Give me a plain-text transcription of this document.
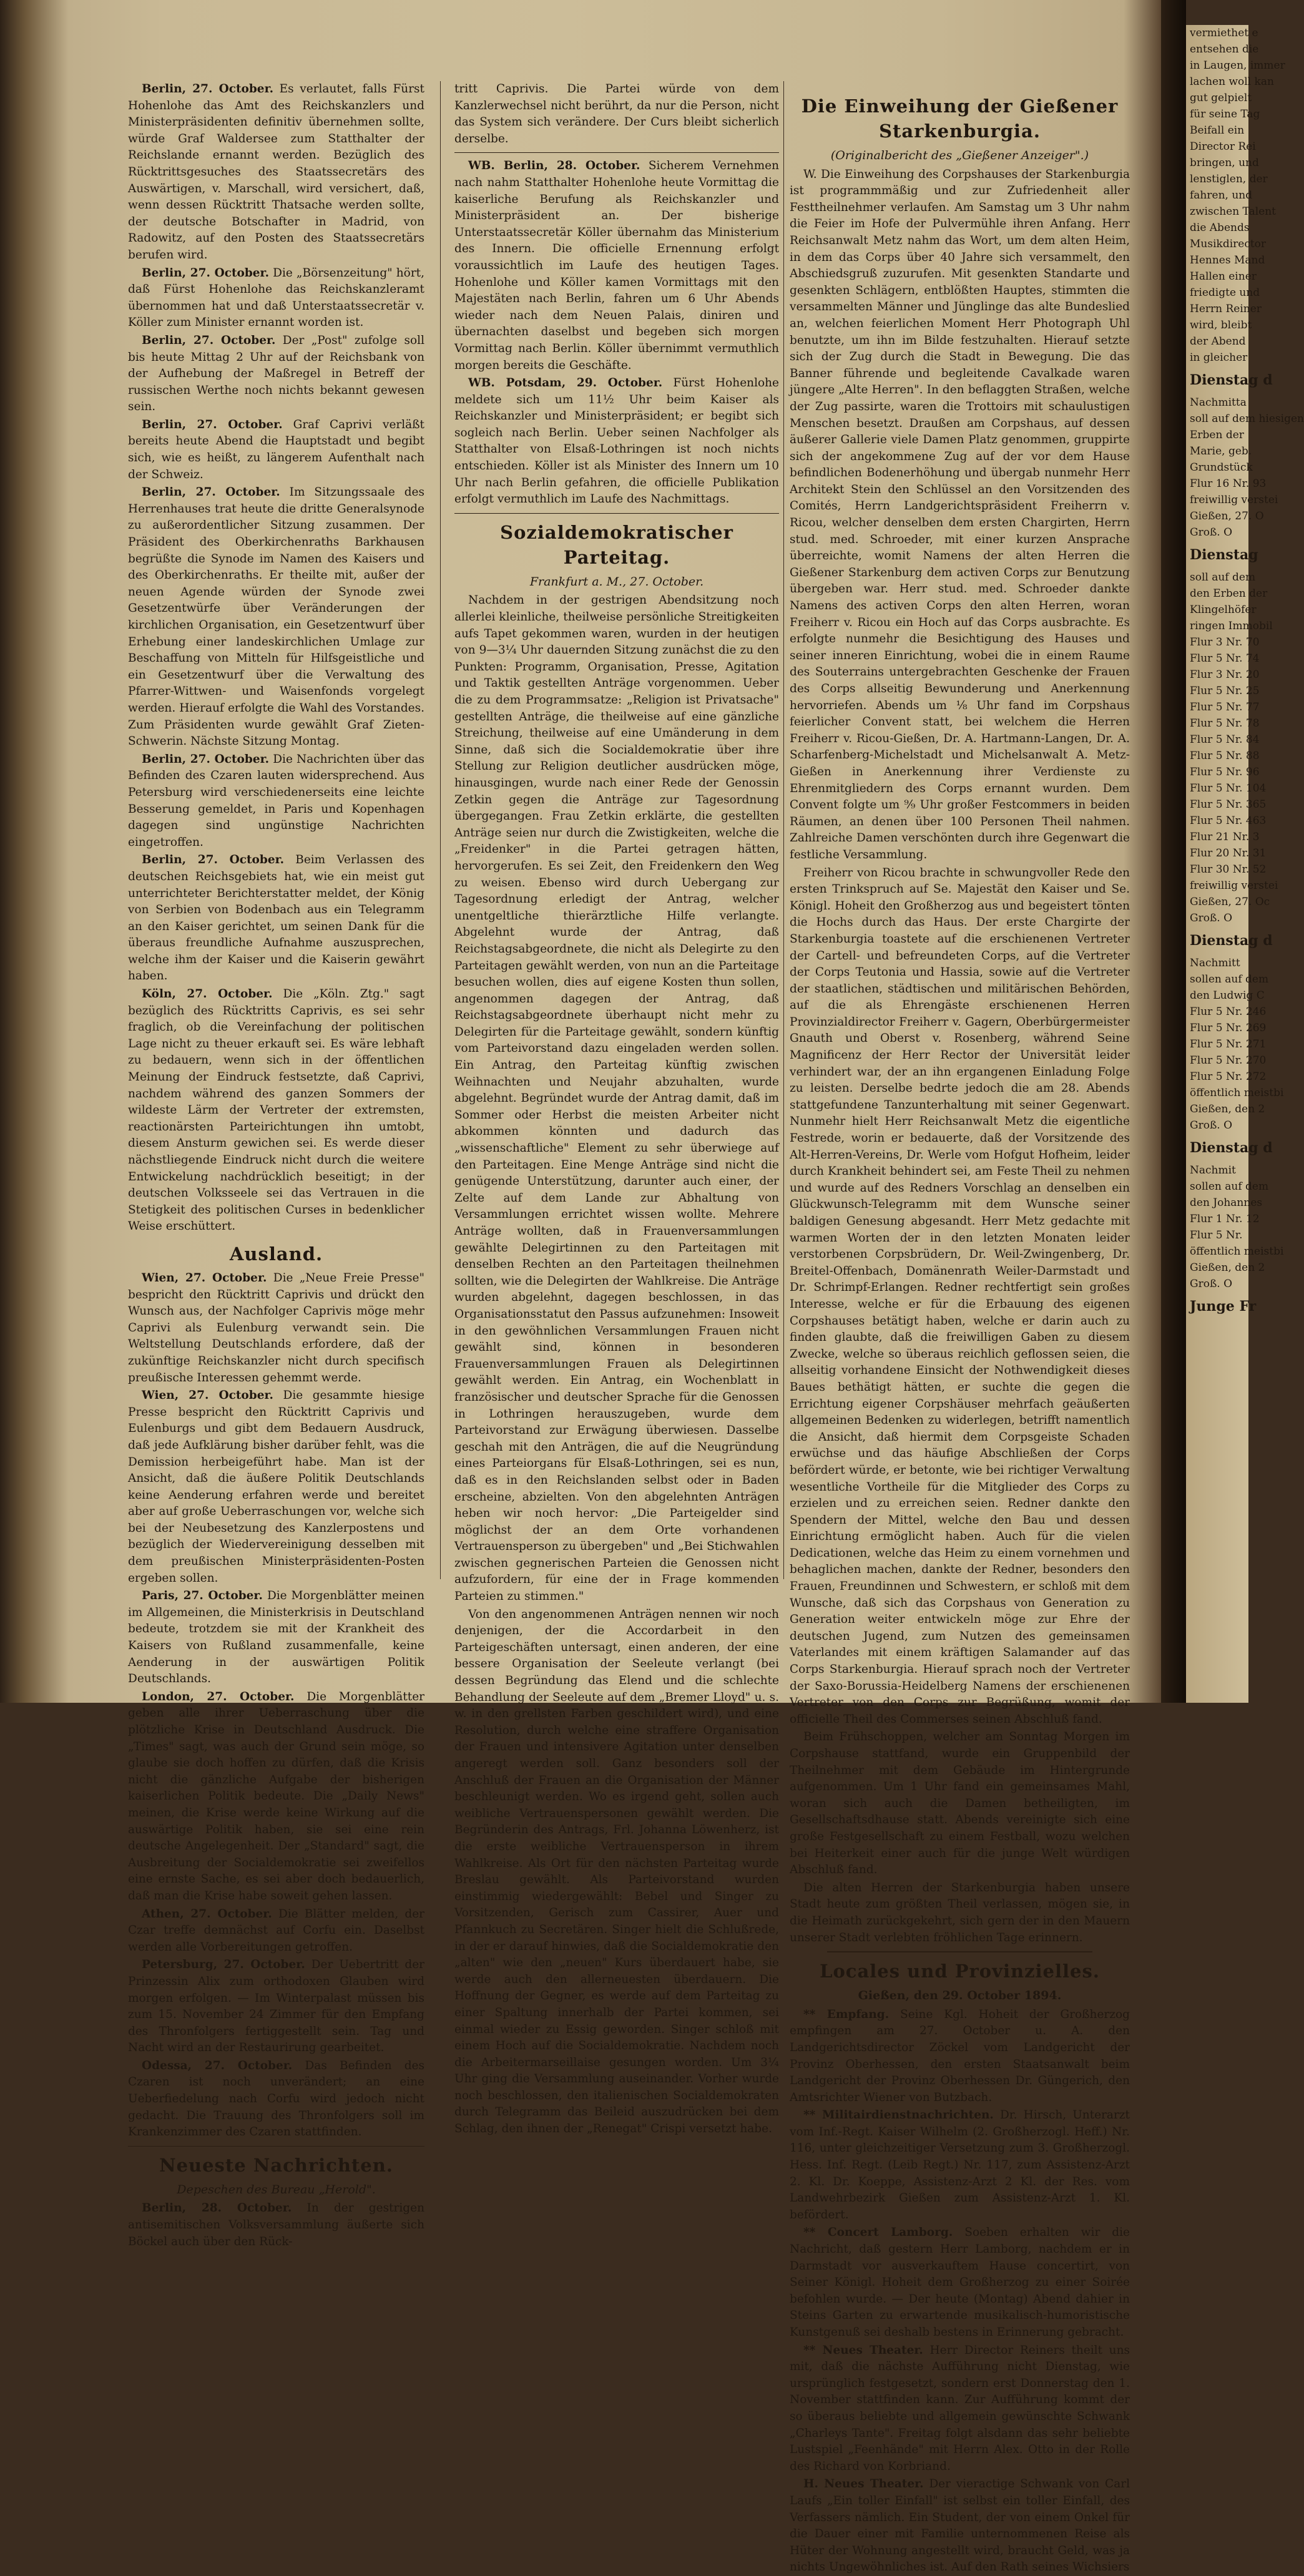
Berlin, 27. October. Es verlautet, falls Fürst Hohenlohe das Amt des Reichskanzlers und Ministerpräsidenten definitiv übernehmen sollte, würde Graf Waldersee zum Statthalter der Reichslande ernannt werden. Bezüglich des Rücktrittsgesuches des Staatssecretärs des Auswärtigen, v. Marschall, wird versichert, daß, wenn dessen Rücktritt Thatsache werden sollte, der deutsche Botschafter in Madrid, von Radowitz, auf den Posten des Staatssecretärs berufen wird.

Berlin, 27. October. Die „Börsenzeitung" hört, daß Fürst Hohenlohe das Reichskanzleramt übernommen hat und daß Unterstaatssecretär v. Köller zum Minister ernannt worden ist.

Berlin, 27. October. Der „Post" zufolge soll bis heute Mittag 2 Uhr auf der Reichsbank von der Aufhebung der Maßregel in Betreff der russischen Werthe noch nichts bekannt gewesen sein.

Berlin, 27. October. Graf Caprivi verläßt bereits heute Abend die Hauptstadt und begibt sich, wie es heißt, zu längerem Aufenthalt nach der Schweiz.

Berlin, 27. October. Im Sitzungssaale des Herrenhauses trat heute die dritte Generalsynode zu außerordentlicher Sitzung zusammen. Der Präsident des Oberkirchenraths Barkhausen begrüßte die Synode im Namen des Kaisers und des Oberkirchenraths. Er theilte mit, außer der neuen Agende würden der Synode zwei Gesetzentwürfe über Veränderungen der kirchlichen Organisation, ein Gesetzentwurf über Erhebung einer landeskirchlichen Umlage zur Beschaffung von Mitteln für Hilfsgeistliche und ein Gesetzentwurf über die Verwaltung des Pfarrer-Wittwen- und Waisenfonds vorgelegt werden. Hierauf erfolgte die Wahl des Vorstandes. Zum Präsidenten wurde gewählt Graf Zieten-Schwerin. Nächste Sitzung Montag.

Berlin, 27. October. Die Nachrichten über das Befinden des Czaren lauten widersprechend. Aus Petersburg wird verschiedenerseits eine leichte Besserung gemeldet, in Paris und Kopenhagen dagegen sind ungünstige Nachrichten eingetroffen.

Berlin, 27. October. Beim Verlassen des deutschen Reichsgebiets hat, wie ein meist gut unterrichteter Berichterstatter meldet, der König von Serbien von Bodenbach aus ein Telegramm an den Kaiser gerichtet, um seinen Dank für die überaus freundliche Aufnahme auszusprechen, welche ihm der Kaiser und die Kaiserin gewährt haben.

Köln, 27. October. Die „Köln. Ztg." sagt bezüglich des Rücktritts Caprivis, es sei sehr fraglich, ob die Vereinfachung der politischen Lage nicht zu theuer erkauft sei. Es wäre lebhaft zu bedauern, wenn sich in der öffentlichen Meinung der Eindruck festsetzte, daß Caprivi, nachdem während des ganzen Sommers der wildeste Lärm der Vertreter der extremsten, reactionärsten Parteirichtungen ihn umtobt, diesem Ansturm gewichen sei. Es werde dieser nächstliegende Eindruck nicht durch die weitere Entwickelung nachdrücklich beseitigt; in der deutschen Volksseele sei das Vertrauen in die Stetigkeit des politischen Curses in bedenklicher Weise erschüttert.

Ausland.

Wien, 27. October. Die „Neue Freie Presse" bespricht den Rücktritt Caprivis und drückt den Wunsch aus, der Nachfolger Caprivis möge mehr Caprivi als Eulenburg verwandt sein. Die Weltstellung Deutschlands erfordere, daß der zukünftige Reichskanzler nicht durch specifisch preußische Interessen gehemmt werde.

Wien, 27. October. Die gesammte hiesige Presse bespricht den Rücktritt Caprivis und Eulenburgs und gibt dem Bedauern Ausdruck, daß jede Aufklärung bisher darüber fehlt, was die Demission herbeigeführt habe. Man ist der Ansicht, daß die äußere Politik Deutschlands keine Aenderung erfahren werde und bereitet aber auf große Ueberraschungen vor, welche sich bei der Neubesetzung des Kanzlerpostens und bezüglich der Wiedervereinigung desselben mit dem preußischen Ministerpräsidenten-Posten ergeben sollen.

Paris, 27. October. Die Morgenblätter meinen im Allgemeinen, die Ministerkrisis in Deutschland bedeute, trotzdem sie mit der Krankheit des Kaisers von Rußland zusammenfalle, keine Aenderung in der auswärtigen Politik Deutschlands.

London, 27. October. Die Morgenblätter geben alle ihrer Ueberraschung über die plötzliche Krise in Deutschland Ausdruck. Die „Times" sagt, was auch der Grund sein möge, so glaube sie doch hoffen zu dürfen, daß die Krisis nicht die gänzliche Aufgabe der bisherigen kaiserlichen Politik bedeute. Die „Daily News" meinen, die Krise werde keine Wirkung auf die auswärtige Politik haben, sie sei eine rein deutsche Angelegenheit. Der „Standard" sagt, die Ausbreitung der Socialdemokratie sei zweifellos eine ernste Sache, es sei aber doch bedauerlich, daß man die Krise habe soweit gehen lassen.

Athen, 27. October. Die Blätter melden, der Czar treffe demnächst auf Corfu ein. Daselbst werden alle Vorbereitungen getroffen.

Petersburg, 27. October. Der Uebertritt der Prinzessin Alix zum orthodoxen Glauben wird morgen erfolgen. — Im Winterpalast müssen bis zum 15. November 24 Zimmer für den Empfang des Thronfolgers fertiggestellt sein. Tag und Nacht wird an der Restaurirung gearbeitet.

Odessa, 27. October. Das Befinden des Czaren ist noch unverändert; an eine Ueberfiedelung nach Corfu wird jedoch nicht gedacht. Die Trauung des Thronfolgers soll im Krankenzimmer des Czaren stattfinden.

Neueste Nachrichten.
Depeschen des Bureau „Herold".

Berlin, 28. October. In der gestrigen antisemitischen Volksversammlung äußerte sich Böckel auch über den Rück-

tritt Caprivis. Die Partei würde von dem Kanzlerwechsel nicht berührt, da nur die Person, nicht das System sich verändere. Der Curs bleibt sicherlich derselbe.

WB. Berlin, 28. October. Sicherem Vernehmen nach nahm Statthalter Hohenlohe heute Vormittag die kaiserliche Berufung als Reichskanzler und Ministerpräsident an. Der bisherige Unterstaatssecretär Köller übernahm das Ministerium des Innern. Die officielle Ernennung erfolgt voraussichtlich im Laufe des heutigen Tages. Hohenlohe und Köller kamen Vormittags mit den Majestäten nach Berlin, fahren um 6 Uhr Abends wieder nach dem Neuen Palais, diniren und übernachten daselbst und begeben sich morgen Vormittag nach Berlin. Köller übernimmt vermuthlich morgen bereits die Geschäfte.

WB. Potsdam, 29. October. Fürst Hohenlohe meldete sich um 11½ Uhr beim Kaiser als Reichskanzler und Ministerpräsident; er begibt sich sogleich nach Berlin. Ueber seinen Nachfolger als Statthalter von Elsaß-Lothringen ist noch nichts entschieden. Köller ist als Minister des Innern um 10 Uhr nach Berlin gefahren, die officielle Publikation erfolgt vermuthlich im Laufe des Nachmittags.

Sozialdemokratischer Parteitag.
Frankfurt a. M., 27. October.

Nachdem in der gestrigen Abendsitzung noch allerlei kleinliche, theilweise persönliche Streitigkeiten aufs Tapet gekommen waren, wurden in der heutigen von 9—3¼ Uhr dauernden Sitzung zunächst die zu den Punkten: Programm, Organisation, Presse, Agitation und Taktik gestellten Anträge vorgenommen. Ueber die zu dem Programmsatze: „Religion ist Privatsache" gestellten Anträge, die theilweise auf eine gänzliche Streichung, theilweise auf eine Umänderung in dem Sinne, daß sich die Socialdemokratie über ihre Stellung zur Religion deutlicher ausdrücken möge, hinausgingen, wurde nach einer Rede der Genossin Zetkin gegen die Anträge zur Tagesordnung übergegangen. Frau Zetkin erklärte, die gestellten Anträge seien nur durch die Zwistigkeiten, welche die „Freidenker" in die Partei getragen hätten, hervorgerufen. Es sei Zeit, den Freidenkern den Weg zu weisen. Ebenso wird durch Uebergang zur Tagesordnung erledigt der Antrag, welcher unentgeltliche thierärztliche Hilfe verlangte. Abgelehnt wurde der Antrag, daß Reichstagsabgeordnete, die nicht als Delegirte zu den Parteitagen gewählt werden, von nun an die Parteitage besuchen wollen, dies auf eigene Kosten thun sollen, angenommen dagegen der Antrag, daß Reichstagsabgeordnete überhaupt nicht mehr zu Delegirten für die Parteitage gewählt, sondern künftig vom Parteivorstand dazu eingeladen werden sollen. Ein Antrag, den Parteitag künftig zwischen Weihnachten und Neujahr abzuhalten, wurde abgelehnt. Begründet wurde der Antrag damit, daß im Sommer oder Herbst die meisten Arbeiter nicht abkommen könnten und dadurch das „wissenschaftliche" Element zu sehr überwiege auf den Parteitagen. Eine Menge Anträge sind nicht die genügende Unterstützung, darunter auch einer, der Zelte auf dem Lande zur Abhaltung von Versammlungen errichtet wissen wollte. Mehrere Anträge wollten, daß in Frauenversammlungen gewählte Delegirtinnen zu den Parteitagen mit denselben Rechten an den Parteitagen theilnehmen sollten, wie die Delegirten der Wahlkreise. Die Anträge wurden abgelehnt, dagegen beschlossen, in das Organisationsstatut den Passus aufzunehmen: Insoweit in den gewöhnlichen Versammlungen Frauen nicht gewählt sind, können in besonderen Frauenversammlungen Frauen als Delegirtinnen gewählt werden. Ein Antrag, ein Wochenblatt in französischer und deutscher Sprache für die Genossen in Lothringen herauszugeben, wurde dem Parteivorstand zur Erwägung überwiesen. Dasselbe geschah mit den Anträgen, die auf die Neugründung eines Parteiorgans für Elsaß-Lothringen, sei es nun, daß es in den Reichslanden selbst oder in Baden erscheine, abzielten. Von den abgelehnten Anträgen heben wir noch hervor: „Die Parteigelder sind möglichst der an dem Orte vorhandenen Vertrauensperson zu übergeben" und „Bei Stichwahlen zwischen gegnerischen Parteien die Genossen nicht aufzufordern, für eine der in Frage kommenden Parteien zu stimmen."

Von den angenommenen Anträgen nennen wir noch denjenigen, der die Accordarbeit in den Parteigeschäften untersagt, einen anderen, der eine bessere Organisation der Seeleute verlangt (bei dessen Begründung das Elend und die schlechte Behandlung der Seeleute auf dem „Bremer Lloyd" u. s. w. in den grellsten Farben geschildert wird), und eine Resolution, durch welche eine straffere Organisation der Frauen und intensivere Agitation unter denselben angeregt werden soll. Ganz besonders soll der Anschluß der Frauen an die Organisation der Männer beschleunigt werden. Wo es irgend geht, sollen auch weibliche Vertrauenspersonen gewählt werden. Die Begründerin des Antrags, Frl. Johanna Löwenherz, ist die erste weibliche Vertrauensperson in ihrem Wahlkreise. Als Ort für den nächsten Parteitag wurde Breslau gewählt. Als Parteivorstand wurden einstimmig wiedergewählt: Bebel und Singer zu Vorsitzenden, Gerisch zum Cassirer, Auer und Pfannkuch zu Secretären. Singer hielt die Schlußrede, in der er darauf hinwies, daß die Socialdemokratie den „alten" wie den „neuen" Kurs überdauert habe, sie werde auch den allerneuesten überdauern. Die Hoffnung der Gegner, es werde auf dem Parteitag zu einer Spaltung innerhalb der Partei kommen, sei einmal wieder zu Essig geworden. Singer schloß mit einem Hoch auf die Socialdemokratie. Nachdem noch die Arbeitermarseillaise gesungen worden. Um 3¼ Uhr ging die Versammlung auseinander. Vorher wurde noch beschlossen, den italienischen Socialdemokraten durch Telegramm das Beileid auszudrücken bei dem Schlag, den ihnen der „Renegat" Crispi versetzt habe.

Die Einweihung der Gießener Starkenburgia.
(Originalbericht des „Gießener Anzeiger".)

W. Die Einweihung des Corpshauses der Starkenburgia ist programmmäßig und zur Zufriedenheit aller Festtheilnehmer verlaufen. Am Samstag um 3 Uhr nahm die Feier im Hofe der Pulvermühle ihren Anfang. Herr Reichsanwalt Metz nahm das Wort, um dem alten Heim, in dem das Corps über 40 Jahre sich versammelt, den Abschiedsgruß zuzurufen. Mit gesenkten Standarte und gesenkten Schlägern, entblößten Hauptes, stimmten die versammelten Männer und Jünglinge das alte Bundeslied an, welchen feierlichen Moment Herr Photograph Uhl benutzte, um ihn im Bilde festzuhalten. Hierauf setzte sich der Zug durch die Stadt in Bewegung. Die das Banner führende und begleitende Cavalkade waren jüngere „Alte Herren". In den beflaggten Straßen, welche der Zug passirte, waren die Trottoirs mit schaulustigen Menschen besetzt. Draußen am Corpshaus, auf dessen äußerer Gallerie viele Damen Platz genommen, gruppirte sich der angekommene Zug auf der vor dem Hause befindlichen Bodenerhöhung und übergab nunmehr Herr Architekt Stein den Schlüssel an den Vorsitzenden des Comités, Herrn Landgerichtspräsident Freiherrn v. Ricou, welcher denselben dem ersten Chargirten, Herrn stud. med. Schroeder, mit einer kurzen Ansprache überreichte, womit Namens der alten Herren die Gießener Starkenburg dem activen Corps zur Benutzung übergeben war. Herr stud. med. Schroeder dankte Namens des activen Corps den alten Herren, woran Freiherr v. Ricou ein Hoch auf das Corps ausbrachte. Es erfolgte nunmehr die Besichtigung des Hauses und seiner inneren Einrichtung, wobei die in einem Raume des Souterrains untergebrachten Geschenke der Frauen des Corps allseitig Bewunderung und Anerkennung hervorriefen. Abends um ⅛ Uhr fand im Corpshaus feierlicher Convent statt, bei welchem die Herren Freiherr v. Ricou-Gießen, Dr. A. Hartmann-Langen, Dr. A. Scharfenberg-Michelstadt und Michelsanwalt A. Metz-Gießen in Anerkennung ihrer Verdienste zu Ehrenmitgliedern des Corps ernannt wurden. Dem Convent folgte um ⁹⁄₉ Uhr großer Festcommers in beiden Räumen, an denen über 100 Personen Theil nahmen. Zahlreiche Damen verschönten durch ihre Gegenwart die festliche Versammlung.

Freiherr von Ricou brachte in schwungvoller Rede den ersten Trinkspruch auf Se. Majestät den Kaiser und Se. Königl. Hoheit den Großherzog aus und begeistert tönten die Hochs durch das Haus. Der erste Chargirte der Starkenburgia toastete auf die erschienenen Vertreter der Cartell- und befreundeten Corps, auf die Vertreter der Corps Teutonia und Hassia, sowie auf die Vertreter der staatlichen, städtischen und militärischen Behörden, auf die als Ehrengäste erschienenen Herren Provinzialdirector Freiherr v. Gagern, Oberbürgermeister Gnauth und Oberst v. Rosenberg, während Seine Magnificenz der Herr Rector der Universität leider verhindert war, der an ihn ergangenen Einladung Folge zu leisten. Derselbe bedrte jedoch die am 28. Abends stattgefundene Tanzunterhaltung mit seiner Gegenwart. Nunmehr hielt Herr Reichsanwalt Metz die eigentliche Festrede, worin er bedauerte, daß der Vorsitzende des Alt-Herren-Vereins, Dr. Werle vom Hofgut Hofheim, leider durch Krankheit behindert sei, am Feste Theil zu nehmen und wurde auf des Redners Vorschlag an denselben ein Glückwunsch-Telegramm mit dem Wunsche seiner baldigen Genesung abgesandt. Herr Metz gedachte mit warmen Worten der in den letzten Monaten leider verstorbenen Corpsbrüdern, Dr. Weil-Zwingenberg, Dr. Breitel-Offenbach, Domänenrath Weiler-Darmstadt und Dr. Schrimpf-Erlangen. Redner rechtfertigt sein großes Interesse, welche er für die Erbauung des eigenen Corpshauses betätigt haben, welche er darin auch zu finden glaubte, daß die freiwilligen Gaben zu diesem Zwecke, welche so überaus reichlich geflossen seien, die allseitig vorhandene Einsicht der Nothwendigkeit dieses Baues bethätigt hätten, er suchte die gegen die Errichtung eigener Corpshäuser mehrfach geäußerten allgemeinen Bedenken zu widerlegen, betrifft namentlich die Ansicht, daß hiermit dem Corpsgeiste Schaden erwüchse und das häufige Abschließen der Corps befördert würde, er betonte, wie bei richtiger Verwaltung wesentliche Vortheile für die Mitglieder des Corps zu erzielen und zu erreichen seien. Redner dankte den Spendern der Mittel, welche den Bau und dessen Einrichtung ermöglicht haben. Auch für die vielen Dedicationen, welche das Heim zu einem vornehmen und behaglichen machen, dankte der Redner, besonders den Frauen, Freundinnen und Schwestern, er schloß mit dem Wunsche, daß sich das Corpshaus von Generation zu Generation weiter entwickeln möge zur Ehre der deutschen Jugend, zum Nutzen des gemeinsamen Vaterlandes mit einem kräftigen Salamander auf das Corps Starkenburgia. Hierauf sprach noch der Vertreter der Saxo-Borussia-Heidelberg Namens der erschienenen Vertreter von den Corps zur Begrüßung, womit der officielle Theil des Commerses seinen Abschluß fand.

Beim Frühschoppen, welcher am Sonntag Morgen im Corpshause stattfand, wurde ein Gruppenbild der Theilnehmer mit dem Gebäude im Hintergrunde aufgenommen. Um 1 Uhr fand ein gemeinsames Mahl, woran sich auch die Damen betheiligten, im Gesellschaftsdhause statt. Abends vereinigte sich eine große Festgesellschaft zu einem Festball, wozu welchen bei Heiterkeit einer auch für die junge Welt würdigen Abschluß fand.

Die alten Herren der Starkenburgia haben unsere Stadt heute zum größten Theil verlassen, mögen sie, in die Heimath zurückgekehrt, sich gern der in den Mauern unserer Stadt verlebten fröhlichen Tage erinnern.

Locales und Provinzielles.
Gießen, den 29. October 1894.

** Empfang. Seine Kgl. Hoheit der Großherzog empfingen am 27. October u. A. den Landgerichtsdirector Zöckel vom Landgericht der Provinz Oberhessen, den ersten Staatsanwalt beim Landgericht der Provinz Oberhessen Dr. Güngerich, den Amtsrichter Wiener von Butzbach.

** Militairdienstnachrichten. Dr. Hirsch, Unterarzt vom Inf.-Regt. Kaiser Wilhelm (2. Großherzogl. Heff.) Nr. 116, unter gleichzeitiger Versetzung zum 3. Großherzogl. Hess. Inf. Regt. (Leib Regt.) Nr. 117, zum Assistenz-Arzt 2. Kl. Dr. Koeppe, Assistenz-Arzt 2 Kl. der Res. vom Landwehrbezirk Gießen zum Assistenz-Arzt 1. Kl. befördert.

** Concert Lamborg. Soeben erhalten wir die Nachricht, daß gestern Herr Lamborg, nachdem er in Darmstadt vor ausverkauftem Hause concertirt, von Seiner Königl. Hoheit dem Großherzog zu einer Soirée befohlen wurde. — Der heute (Montag) Abend dahier in Steins Garten zu erwartende musikalisch-humoristische Kunstgenuß sei deshalb bestens in Erinnerung gebracht.

** Neues Theater. Herr Director Reiners theilt uns mit, daß die nächste Aufführung nicht Dienstag, wie ursprünglich festgesetzt, sondern erst Donnerstag den 1. November stattfinden kann. Zur Aufführung kommt der so überaus beliebte und allgemein gewünschte Schwank „Charleys Tante". Freitag folgt alsdann das sehr beliebte Lustspiel „Feenhände" mit Herrn Alex. Otto in der Rolle des Richard von Korbriand.

H. Neues Theater. Der vieractige Schwank von Carl Laufs „Ein toller Einfall" ist selbst ein toller Einfall, des Verfassers nämlich. Ein Student, der von einem Onkel für die Dauer einer mit Familie unternommenen Reise als Hüter der Wohnung angestellt wird, braucht Geld, was ja nichts Ungewöhnliches ist. Auf den Rath seines Wichsiers

vermiethet e
entsehen die
in Laugen, immer
lachen woll kan
gut gelpielt
für seine Tag
Beifall ein
Director Rei
bringen, und
lenstiglen, der
fahren, und
zwischen Talent
die Abends
Musikdirector
Hennes Mand
Hallen einer
friedigte und
Herrn Reiner
wird, bleibt
der Abend
in gleicher
Dienstag d
Nachmitta
soll auf dem hiesigen
Erben der
Marie, geb.
Grundstück
Flur 16 Nr. 93
freiwillig verstei
Gießen, 27. O
Groß. O
Dienstag
soll auf dem
den Erben der
Klingelhöfer
ringen Immobil
Flur 3 Nr. 70
Flur 5 Nr. 74
Flur 3 Nr. 20
Flur 5 Nr. 25
Flur 5 Nr. 77
Flur 5 Nr. 78
Flur 5 Nr. 84
Flur 5 Nr. 88
Flur 5 Nr. 96
Flur 5 Nr. 104
Flur 5 Nr. 365
Flur 5 Nr. 463
Flur 21 Nr. 3
Flur 20 Nr. 31
Flur 30 Nr. 52
freiwillig verstei
Gießen, 27. Oc
Groß. O
Dienstag d
Nachmitt
sollen auf dem
den Ludwig C
Flur 5 Nr. 246
Flur 5 Nr. 269
Flur 5 Nr. 271
Flur 5 Nr. 270
Flur 5 Nr. 272
öffentlich meistbi
Gießen, den 2
Groß. O
Dienstag d
Nachmit
sollen auf dem
den Johannes
Flur 1 Nr. 12
Flur 5 Nr.
öffentlich meistbi
Gießen, den 2
Groß. O
Junge Fr
